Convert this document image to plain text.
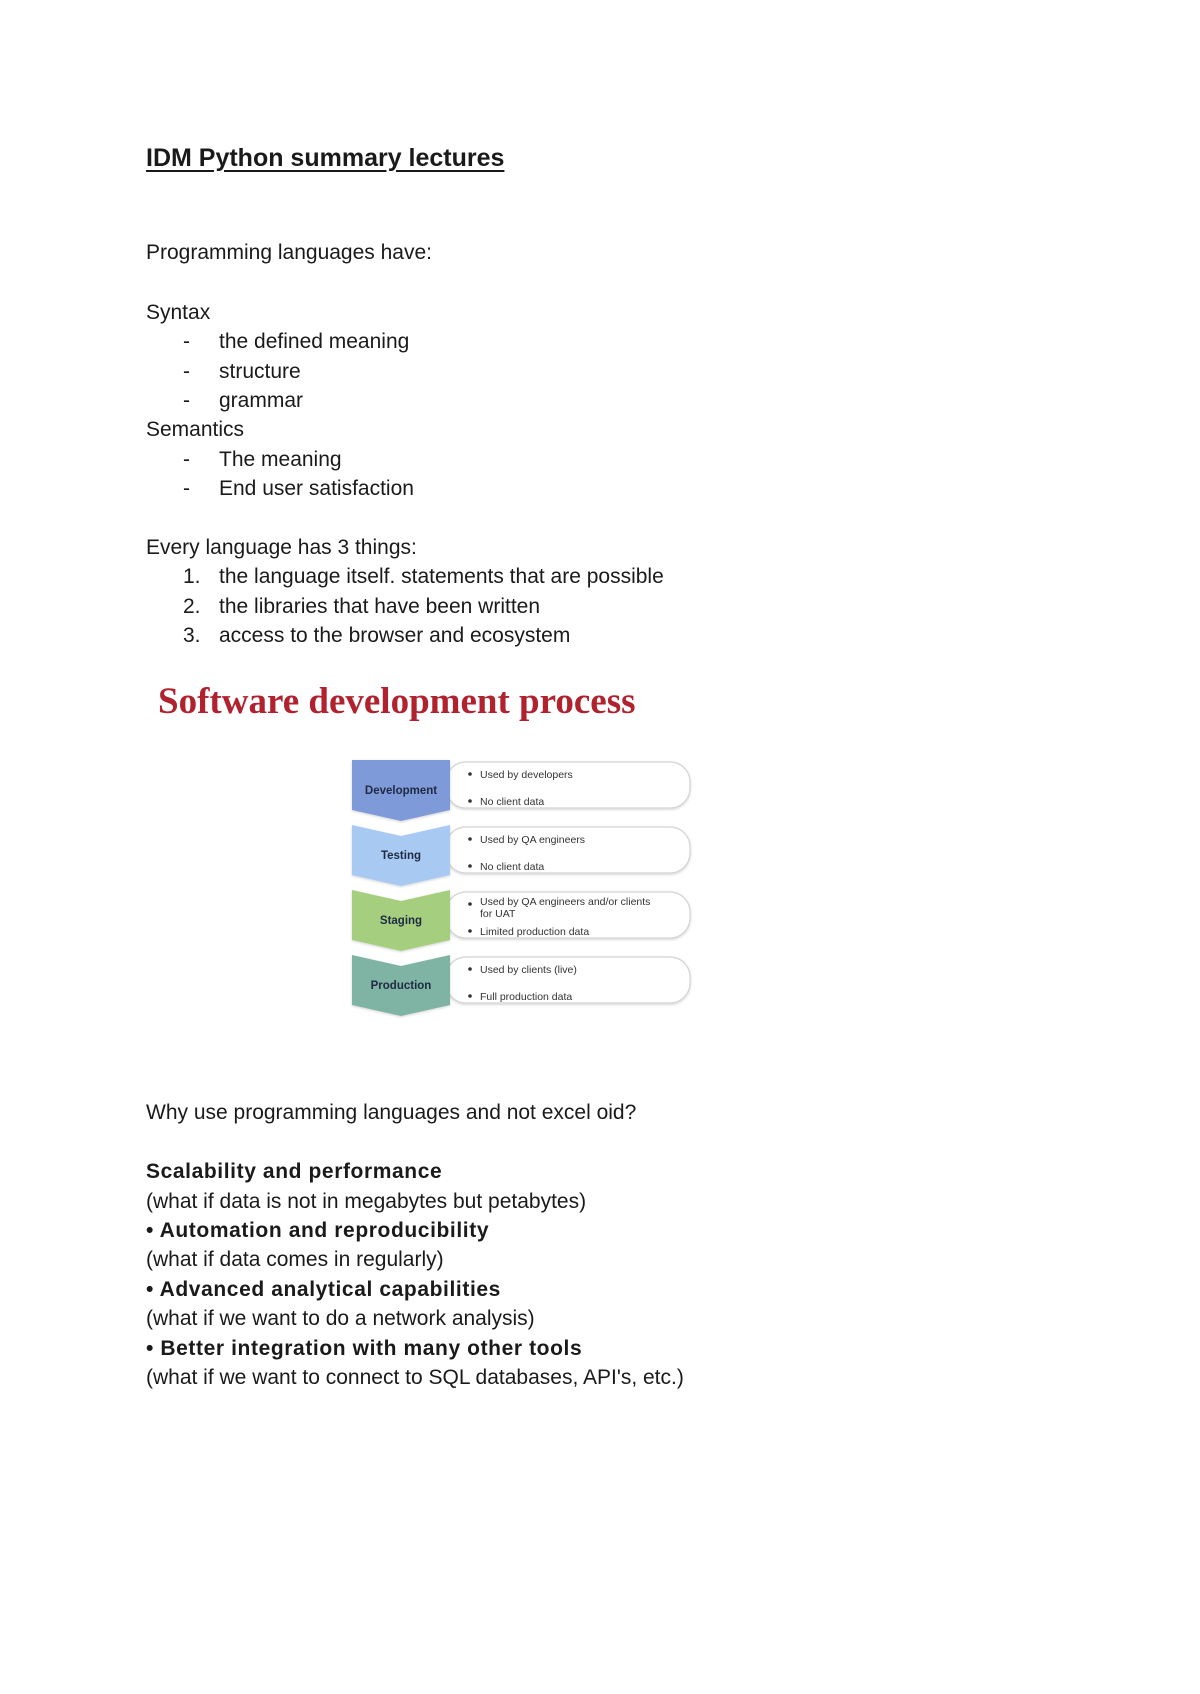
IDM Python summary lectures
Programming languages have:
Syntax
- the defined meaning
- structure
- grammar
Semantics
- The meaning
- End user satisfaction
Every language has 3 things:
1. the language itself. statements that are possible
2. the libraries that have been written
3. access to the browser and ecosystem
Software development process
Development
Used by developers
No client data
Testing
Used by QA engineers
No client data
Staging
Used by QA engineers and/or clients for UAT
Limited production data
Production
Used by clients (live)
Full production data
Why use programming languages and not excel oid?
Scalability and performance
(what if data is not in megabytes but petabytes)
• Automation and reproducibility
(what if data comes in regularly)
• Advanced analytical capabilities
(what if we want to do a network analysis)
• Better integration with many other tools
(what if we want to connect to SQL databases, API's, etc.)
